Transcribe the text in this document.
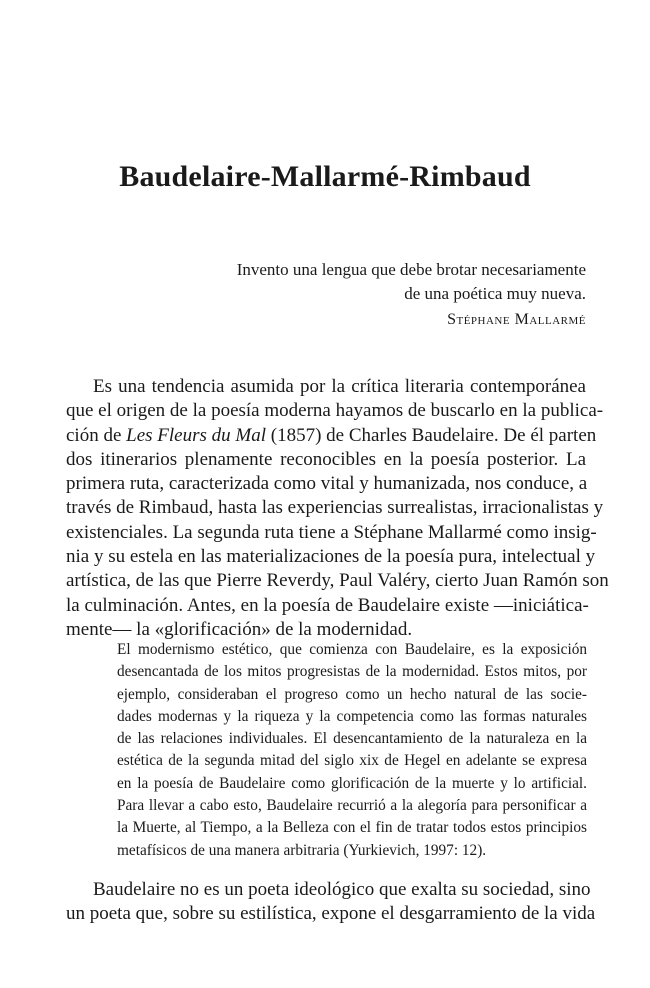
Baudelaire-Mallarmé-Rimbaud

Invento una lengua que debe brotar necesariamente

de una poética muy nueva.

Stéphane Mallarmé

Es una tendencia asumida por la crítica literaria contemporánea
que el origen de la poesía moderna hayamos de buscarlo en la publica-
ción de Les Fleurs du Mal (1857) de Charles Baudelaire. De él parten
dos itinerarios plenamente reconocibles en la poesía posterior. La
primera ruta, caracterizada como vital y humanizada, nos conduce, a
través de Rimbaud, hasta las experiencias surrealistas, irracionalistas y
existenciales. La segunda ruta tiene a Stéphane Mallarmé como insig-
nia y su estela en las materializaciones de la poesía pura, intelectual y
artística, de las que Pierre Reverdy, Paul Valéry, cierto Juan Ramón son
la culminación. Antes, en la poesía de Baudelaire existe —iniciática-
mente— la «glorificación» de la modernidad.
El modernismo estético, que comienza con Baudelaire, es la exposición
desencantada de los mitos progresistas de la modernidad. Estos mitos, por
ejemplo, consideraban el progreso como un hecho natural de las socie-
dades modernas y la riqueza y la competencia como las formas naturales
de las relaciones individuales. El desencantamiento de la naturaleza en la
estética de la segunda mitad del siglo xix de Hegel en adelante se expresa
en la poesía de Baudelaire como glorificación de la muerte y lo artificial.
Para llevar a cabo esto, Baudelaire recurrió a la alegoría para personificar a
la Muerte, al Tiempo, a la Belleza con el fin de tratar todos estos principios
metafísicos de una manera arbitraria (Yurkievich, 1997: 12).
Baudelaire no es un poeta ideológico que exalta su sociedad, sino
un poeta que, sobre su estilística, expone el desgarramiento de la vida
